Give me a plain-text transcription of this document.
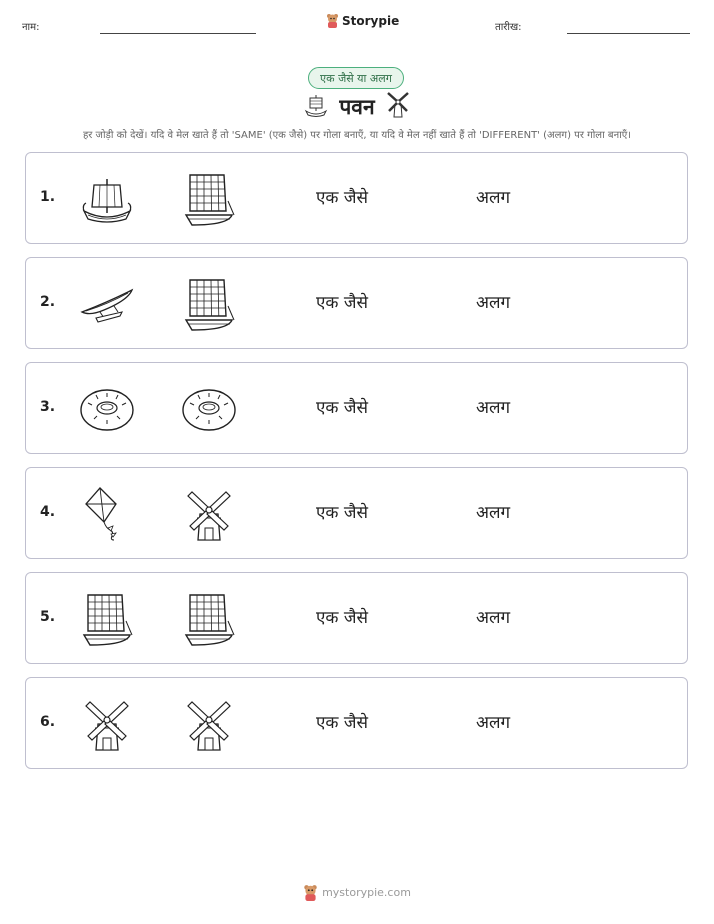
नाम:	Storypie	तारीख:
एक जैसे या अलग
पवन
हर जोड़ी को देखें। यदि वे मेल खाते हैं तो 'SAME' (एक जैसे) पर गोला बनाएँ, या यदि वे मेल नहीं खाते हैं तो 'DIFFERENT' (अलग) पर गोला बनाएँ।
1.	एक जैसे	अलग
2.	एक जैसे	अलग
3.	एक जैसे	अलग
4.	एक जैसे	अलग
5.	एक जैसे	अलग
6.	एक जैसे	अलग
mystorypie.com
